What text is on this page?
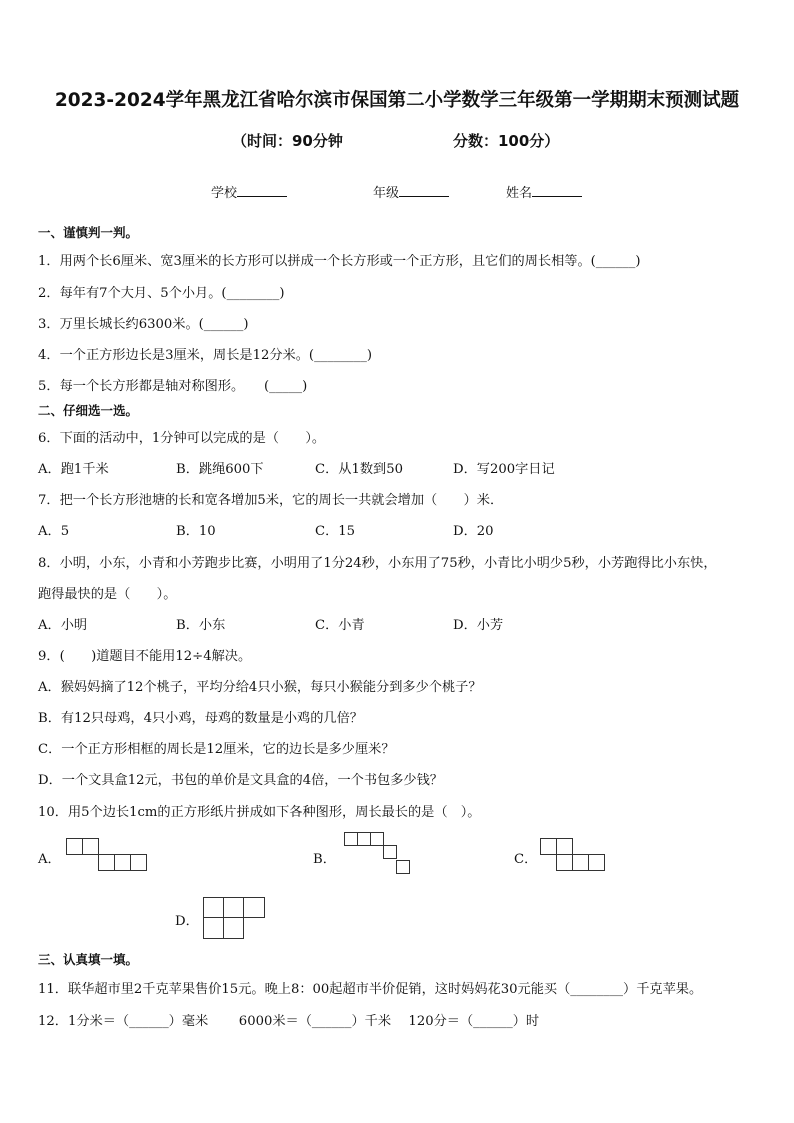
2023-2024学年黑龙江省哈尔滨市保国第二小学数学三年级第一学期期末预测试题
（时间：90分钟	分数：100分）
学校	年级	姓名
一、谨慎判一判。
1．用两个长6厘米、宽3厘米的长方形可以拼成一个长方形或一个正方形，且它们的周长相等。(______)
2．每年有7个大月、5个小月。(________)
3．万里长城长约6300米。(______)
4．一个正方形边长是3厘米，周长是12分米。(________)
5．每一个长方形都是轴对称图形。　　(_____)
二、仔细选一选。
6．下面的活动中，1分钟可以完成的是（　　）。
A．跑1千米	B．跳绳600下	C．从1数到50	D．写200字日记
7．把一个长方形池塘的长和宽各增加5米，它的周长一共就会增加（　　）米．
A．5	B．10	C．15	D．20
8．小明，小东，小青和小芳跑步比赛，小明用了1分24秒，小东用了75秒，小青比小明少5秒，小芳跑得比小东快，
跑得最快的是（　　）。
A．小明	B．小东	C．小青	D．小芳
9．(　　)道题目不能用12÷4解决。
A．猴妈妈摘了12个桃子，平均分给4只小猴，每只小猴能分到多少个桃子？
B．有12只母鸡，4只小鸡，母鸡的数量是小鸡的几倍？
C．一个正方形相框的周长是12厘米，它的边长是多少厘米？
D．一个文具盒12元，书包的单价是文具盒的4倍，一个书包多少钱？
10．用5个边长1cm的正方形纸片拼成如下各种图形，周长最长的是（　）。
A．	B．	C．
D．
三、认真填一填。
11．联华超市里2千克苹果售价15元。晚上8：00起超市半价促销，这时妈妈花30元能买（________）千克苹果。
12．1分米＝（______）毫米　　 6000米＝（______）千米　 120分＝（______）时
